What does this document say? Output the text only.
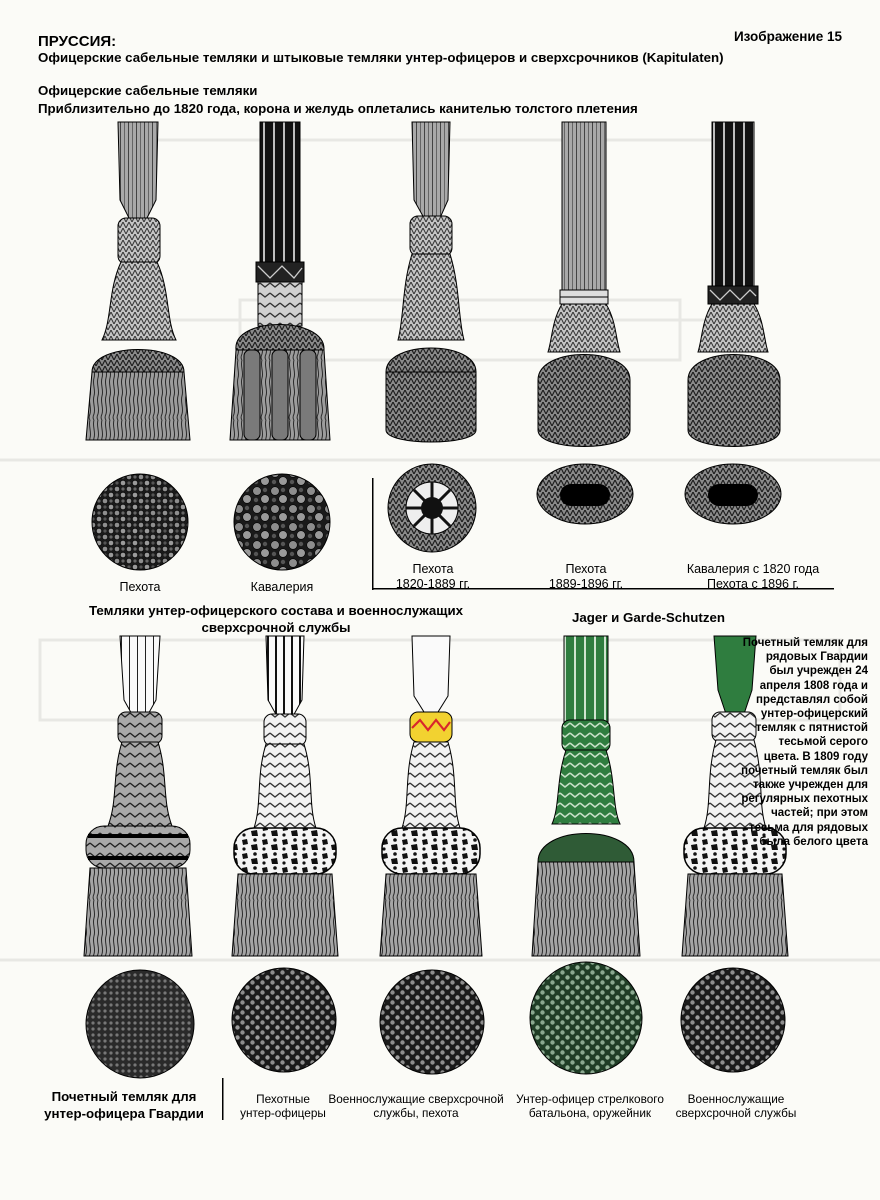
ПРУССИЯ:	Изображение 15
Офицерские сабельные темляки и штыковые темляки унтер-офицеров и сверхсрочников (Kapitulaten)
Офицерские сабельные темляки
Приблизительно до 1820 года, корона и желудь оплетались канителью толстого плетения
Пехота	Кавалерия
Пехота
1820-1889 гг.
Пехота
1889-1896 гг.
Кавалерия с 1820 года
Пехота с 1896 г.
Темляки унтер-офицерского состава и военнослужащих
сверхсрочной службы
Jager и Garde-Schutzen
Почетный темляк для рядовых Гвардии был учрежден 24 апреля 1808 года и представлял собой унтер-офицерский темляк с пятнистой тесьмой серого цвета. В 1809 году почетный темляк был также учрежден для регулярных пехотных частей; при этом тесьма для рядовых была белого цвета
Почетный темляк для
унтер-офицера Гвардии
Пехотные
унтер-офицеры
Военнослужащие сверхсрочной
службы, пехота
Унтер-офицер стрелкового
батальона, оружейник
Военнослужащие
сверхсрочной службы
